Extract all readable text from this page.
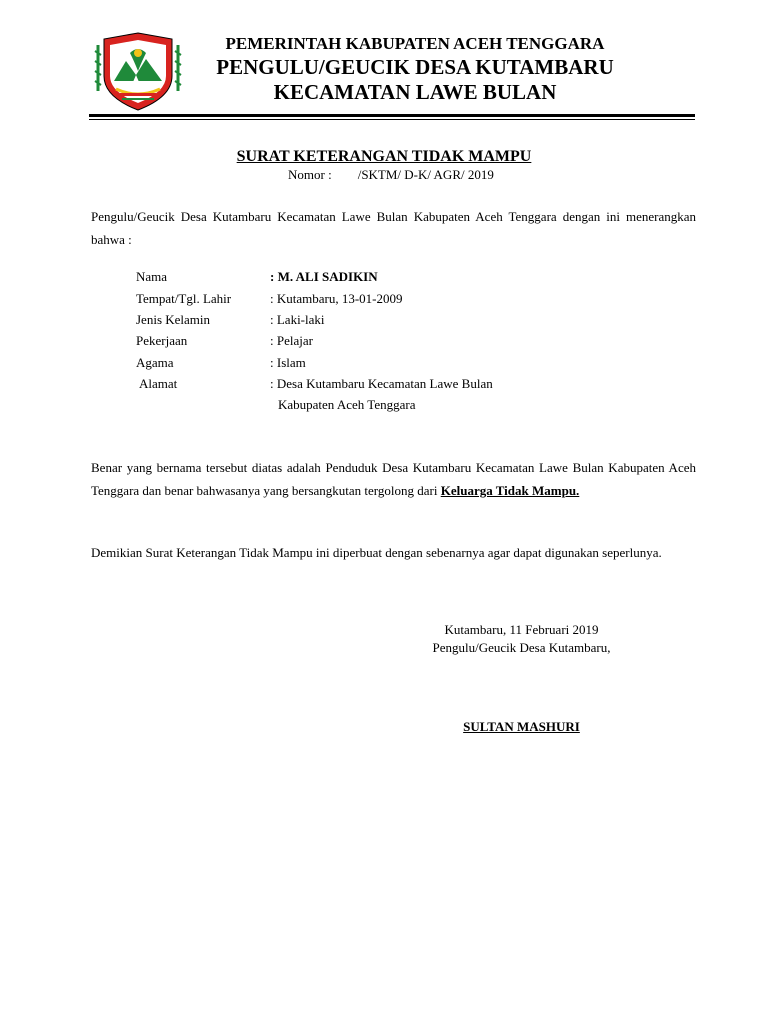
PEMERINTAH KABUPATEN ACEH TENGGARA
PENGULU/GEUCIK DESA KUTAMBARU
KECAMATAN LAWE BULAN
SURAT KETERANGAN TIDAK MAMPU
Nomor : /SKTM/ D-K/ AGR/ 2019
Pengulu/Geucik Desa Kutambaru Kecamatan Lawe Bulan Kabupaten Aceh Tenggara dengan ini menerangkan bahwa :
Nama	: M. ALI SADIKIN
Tempat/Tgl. Lahir	: Kutambaru, 13-01-2009
Jenis Kelamin	: Laki-laki
Pekerjaan	: Pelajar
Agama	: Islam
Alamat	: Desa Kutambaru Kecamatan Lawe Bulan
Kabupaten Aceh Tenggara
Benar yang bernama tersebut diatas adalah Penduduk Desa Kutambaru Kecamatan Lawe Bulan Kabupaten Aceh Tenggara dan benar bahwasanya yang bersangkutan tergolong dari Keluarga Tidak Mampu.
Demikian Surat Keterangan Tidak Mampu ini diperbuat dengan sebenarnya agar dapat digunakan seperlunya.
Kutambaru, 11 Februari 2019
Pengulu/Geucik Desa Kutambaru,
SULTAN MASHURI
